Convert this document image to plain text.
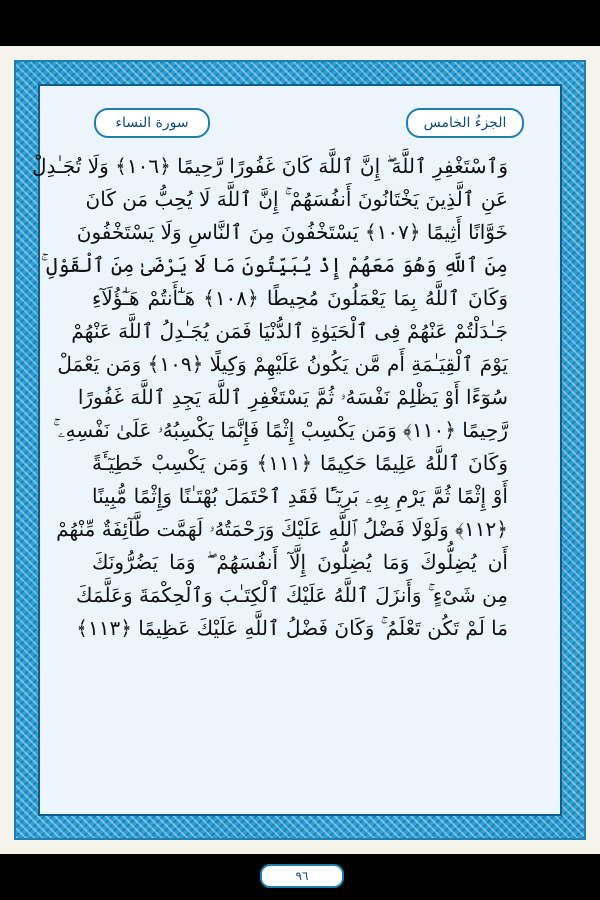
الجزءُ الخامس
سورة النساء
وَٱسْتَغْفِرِ ٱللَّهَ ۖ إِنَّ ٱللَّهَ كَانَ غَفُورًا رَّحِيمًا ﴿١٠٦﴾ وَلَا تُجَـٰدِلْ
عَنِ ٱلَّذِينَ يَخْتَانُونَ أَنفُسَهُمْ ۚ إِنَّ ٱللَّهَ لَا يُحِبُّ مَن كَانَ
خَوَّانًا أَثِيمًا ﴿١٠٧﴾ يَسْتَخْفُونَ مِنَ ٱلنَّاسِ وَلَا يَسْتَخْفُونَ
مِنَ ٱللَّهِ وَهُوَ مَعَهُمْ إِذْ يُبَيِّتُونَ مَا لَا يَرْضَىٰ مِنَ ٱلْقَوْلِ ۚ
وَكَانَ ٱللَّهُ بِمَا يَعْمَلُونَ مُحِيطًا ﴿١٠٨﴾ هَـٰٓأَنتُمْ هَـٰٓؤُلَآءِ
جَـٰدَلْتُمْ عَنْهُمْ فِى ٱلْحَيَوٰةِ ٱلدُّنْيَا فَمَن يُجَـٰدِلُ ٱللَّهَ عَنْهُمْ
يَوْمَ ٱلْقِيَـٰمَةِ أَم مَّن يَكُونُ عَلَيْهِمْ وَكِيلًا ﴿١٠٩﴾ وَمَن يَعْمَلْ
سُوٓءًا أَوْ يَظْلِمْ نَفْسَهُۥ ثُمَّ يَسْتَغْفِرِ ٱللَّهَ يَجِدِ ٱللَّهَ غَفُورًا
رَّحِيمًا ﴿١١٠﴾ وَمَن يَكْسِبْ إِثْمًا فَإِنَّمَا يَكْسِبُهُۥ عَلَىٰ نَفْسِهِۦ ۚ
وَكَانَ ٱللَّهُ عَلِيمًا حَكِيمًا ﴿١١١﴾ وَمَن يَكْسِبْ خَطِيٓـَٔةً
أَوْ إِثْمًا ثُمَّ يَرْمِ بِهِۦ بَرِيٓـًٔا فَقَدِ ٱحْتَمَلَ بُهْتَـٰنًا وَإِثْمًا مُّبِينًا
﴿١١٢﴾ وَلَوْلَا فَضْلُ ٱللَّهِ عَلَيْكَ وَرَحْمَتُهُۥ لَهَمَّت طَّآئِفَةٌ مِّنْهُمْ
أَن يُضِلُّوكَ وَمَا يُضِلُّونَ إِلَّآ أَنفُسَهُمْ ۖ وَمَا يَضُرُّونَكَ
مِن شَىْءٍ ۚ وَأَنزَلَ ٱللَّهُ عَلَيْكَ ٱلْكِتَـٰبَ وَٱلْحِكْمَةَ وَعَلَّمَكَ
مَا لَمْ تَكُن تَعْلَمُ ۚ وَكَانَ فَضْلُ ٱللَّهِ عَلَيْكَ عَظِيمًا ﴿١١٣﴾
٩٦
